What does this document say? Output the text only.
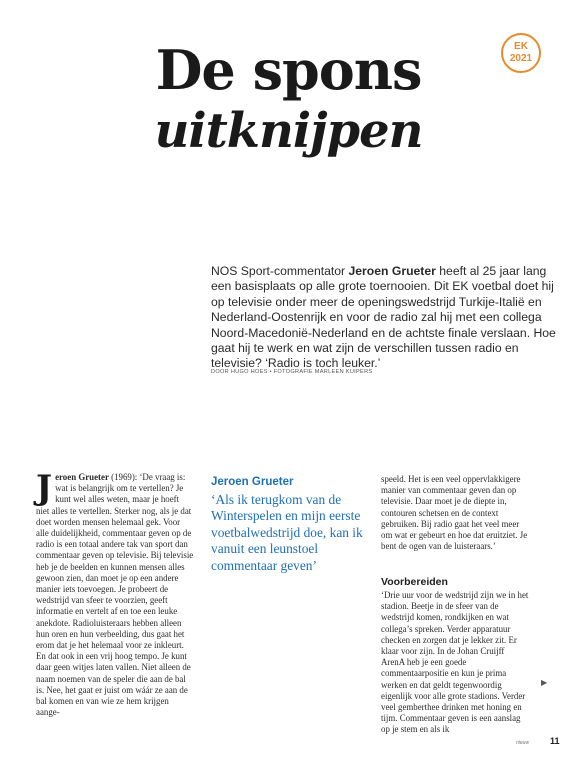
EK
2021
De spons
uitknijpen
NOS Sport-commentator Jeroen Grueter heeft al 25 jaar lang een basisplaats op alle grote toernooien. Dit EK voetbal doet hij op televisie onder meer de openingswedstrijd Turkije-Italië en Nederland-Oostenrijk en voor de radio zal hij met een collega Noord-Macedonië-Nederland en de achtste finale verslaan. Hoe gaat hij te werk en wat zijn de verschillen tussen radio en televisie? ‘Radio is toch leuker.’
DOOR HUGO HOES • FOTOGRAFIE MARLEEN KUIPERS
Jeroen Grueter (1969): ‘De vraag is: wat is belangrijk om te vertellen? Je kunt wel alles weten, maar je hoeft niet alles te vertellen. Sterker nog, als je dat doet worden mensen helemaal gek. Voor alle duidelijkheid, commentaar geven op de radio is een totaal andere tak van sport dan commentaar geven op televisie. Bij televisie heb je de beelden en kunnen mensen alles gewoon zien, dan moet je op een andere manier iets toevoegen. Je probeert de wedstrijd van sfeer te voorzien, geeft informatie en vertelt af en toe een leuke anekdote. Radioluisteraars hebben alleen hun oren en hun verbeelding, dus gaat het erom dat je het helemaal voor ze inkleurt. En dat ook in een vrij hoog tempo. Je kunt daar geen witjes laten vallen. Niet alleen de naam noemen van de speler die aan de bal is. Nee, het gaat er juist om wáár ze aan de bal komen en van wie ze hem krijgen aange-
Jeroen Grueter
‘Als ik terugkom van de Winterspelen en mijn eerste voetbalwedstrijd doe, kan ik vanuit een leunstoel commentaar geven’
speeld. Het is een veel oppervlakkigere manier van commentaar geven dan op televisie. Daar moet je de diepte in, contouren schetsen en de context gebruiken. Bij radio gaat het veel meer om wat er gebeurt en hoe dat eruitziet. Je bent de ogen van de luisteraars.’
Voorbereiden
‘Drie uur voor de wedstrijd zijn we in het stadion. Beetje in de sfeer van de wedstrijd komen, rondkijken en wat collega’s spreken. Verder apparatuur checken en zorgen dat je lekker zit. Er klaar voor zijn. In de Johan Cruijff ArenA heb je een goede commentaarpositie en kun je prima werken en dat geldt tegenwoordig eigenlijk voor alle grote stadions. Verder veel gemberthee drinken met honing en tijm. Commentaar geven is een aanslag op je stem en als ik
▶
nieuw 11
